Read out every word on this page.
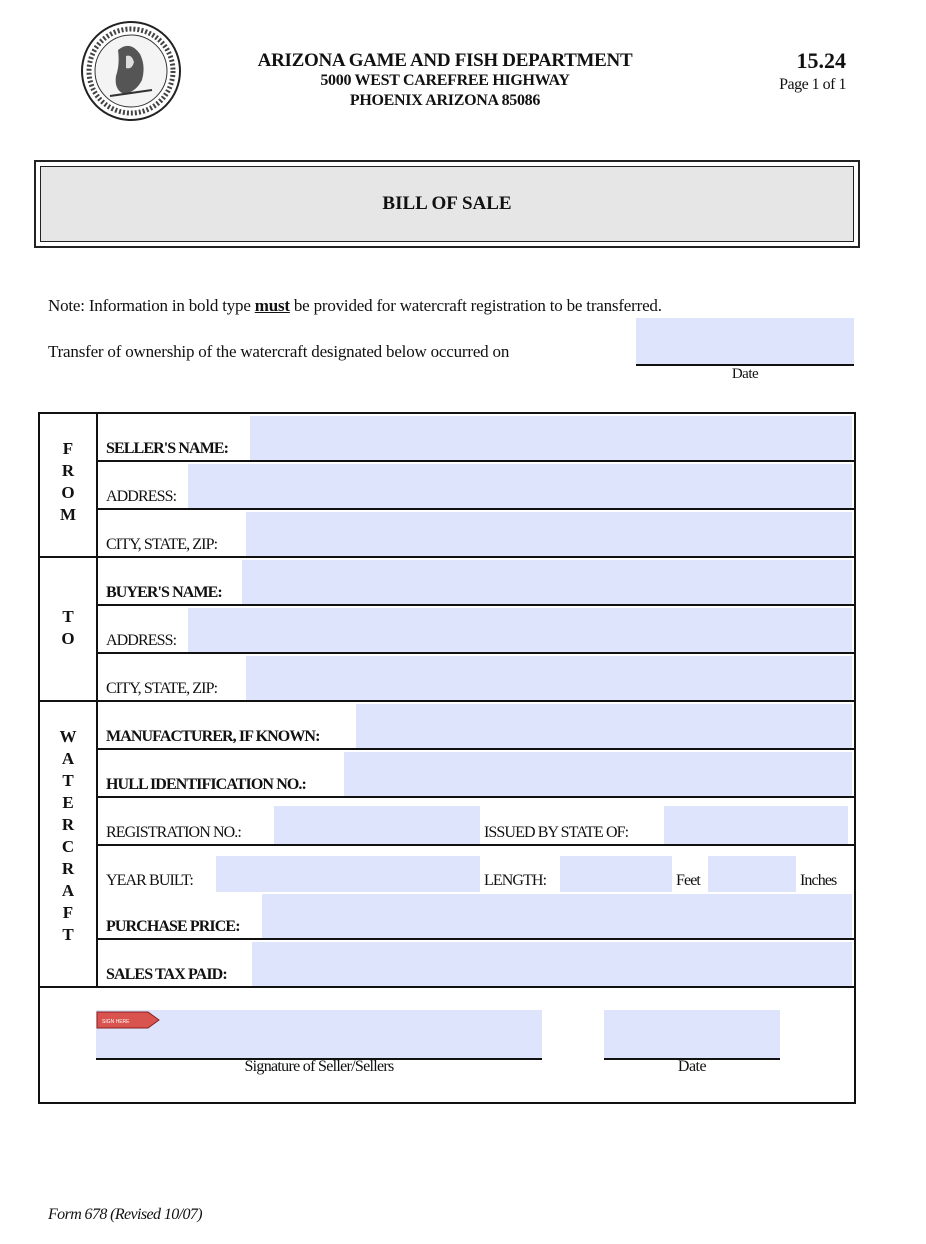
ARIZONA GAME AND FISH DEPARTMENT
5000 WEST CAREFREE HIGHWAY
PHOENIX ARIZONA 85086
15.24
Page 1 of 1
BILL OF SALE
Note: Information in bold type must be provided for watercraft registration to be transferred.
Transfer of ownership of the watercraft designated below occurred on
Date
SELLER'S NAME:
ADDRESS:
CITY, STATE, ZIP:
F
R
O
M
BUYER'S NAME:
ADDRESS:
CITY, STATE, ZIP:
T
O
MANUFACTURER, IF KNOWN:
HULL IDENTIFICATION NO.:
REGISTRATION NO.:	ISSUED BY STATE OF:
YEAR BUILT:	LENGTH:	Feet	Inches
PURCHASE PRICE:
SALES TAX PAID:
W
A
T
E
R
C
R
A
F
T
SIGN HERE
Signature of Seller/Sellers	Date
Form 678 (Revised 10/07)
